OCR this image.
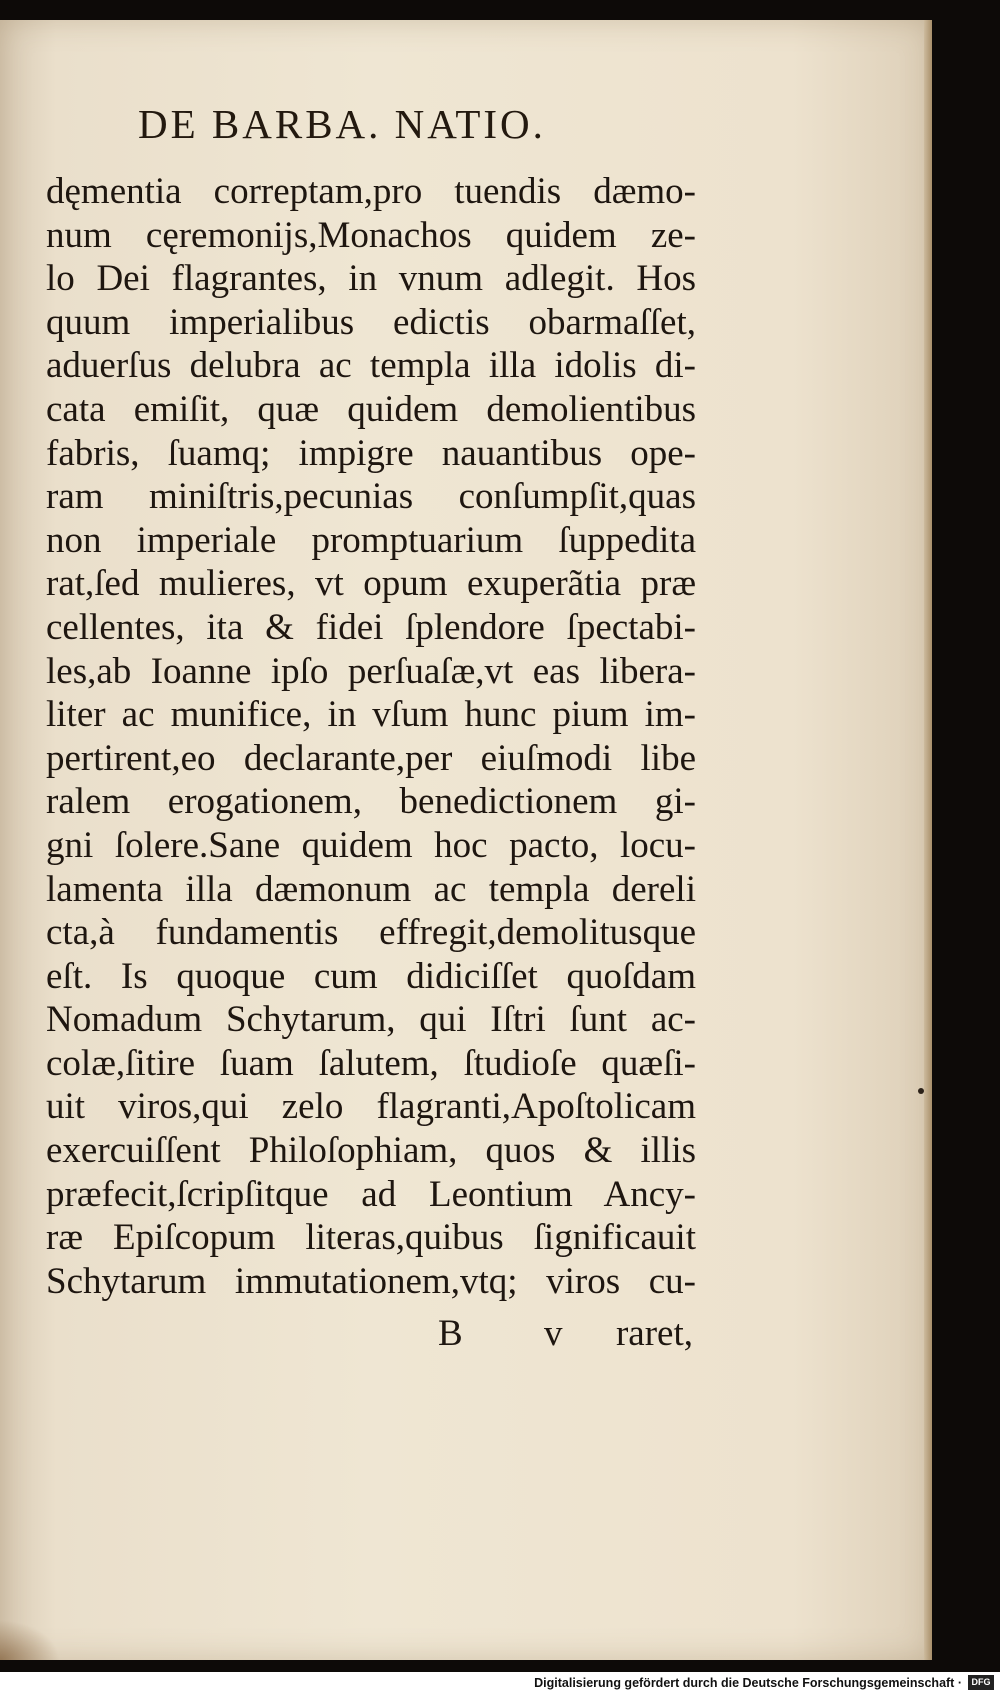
DE BARBA. NATIO.
dęmentia correptam,pro tuendis dæmo-
num cęremonijs,Monachos quidem ze-
lo Dei flagrantes, in vnum adlegit. Hos
quum imperialibus edictis obarmaſſet,
aduerſus delubra ac templa illa idolis di-
cata emiſit, quæ quidem demolientibus
fabris, ſuamq; impigre nauantibus ope-
ram miniſtris,pecunias conſumpſit,quas
non imperiale promptuarium ſuppedita
rat,ſed mulieres, vt opum exuperãtia præ
cellentes, ita & fidei ſplendore ſpectabi-
les,ab Ioanne ipſo perſuaſæ,vt eas libera-
liter ac munifice, in vſum hunc pium im-
pertirent,eo declarante,per eiuſmodi libe
ralem erogationem, benedictionem gi-
gni ſolere.Sane quidem hoc pacto, locu-
lamenta illa dæmonum ac templa dereli
cta,à fundamentis effregit,demolitusque
eſt. Is quoque cum didiciſſet quoſdam
Nomadum Schytarum, qui Iſtri ſunt ac-
colæ,ſitire ſuam ſalutem, ſtudioſe quæſi-
uit viros,qui zelo flagranti,Apoſtolicam
exercuiſſent Philoſophiam, quos & illis
præfecit,ſcripſitque ad Leontium Ancy-
ræ Epiſcopum literas,quibus ſignificauit
Schytarum immutationem,vtq; viros cu-
B v raret,
Digitalisierung gefördert durch die Deutsche Forschungsgemeinschaft ·	DFG
